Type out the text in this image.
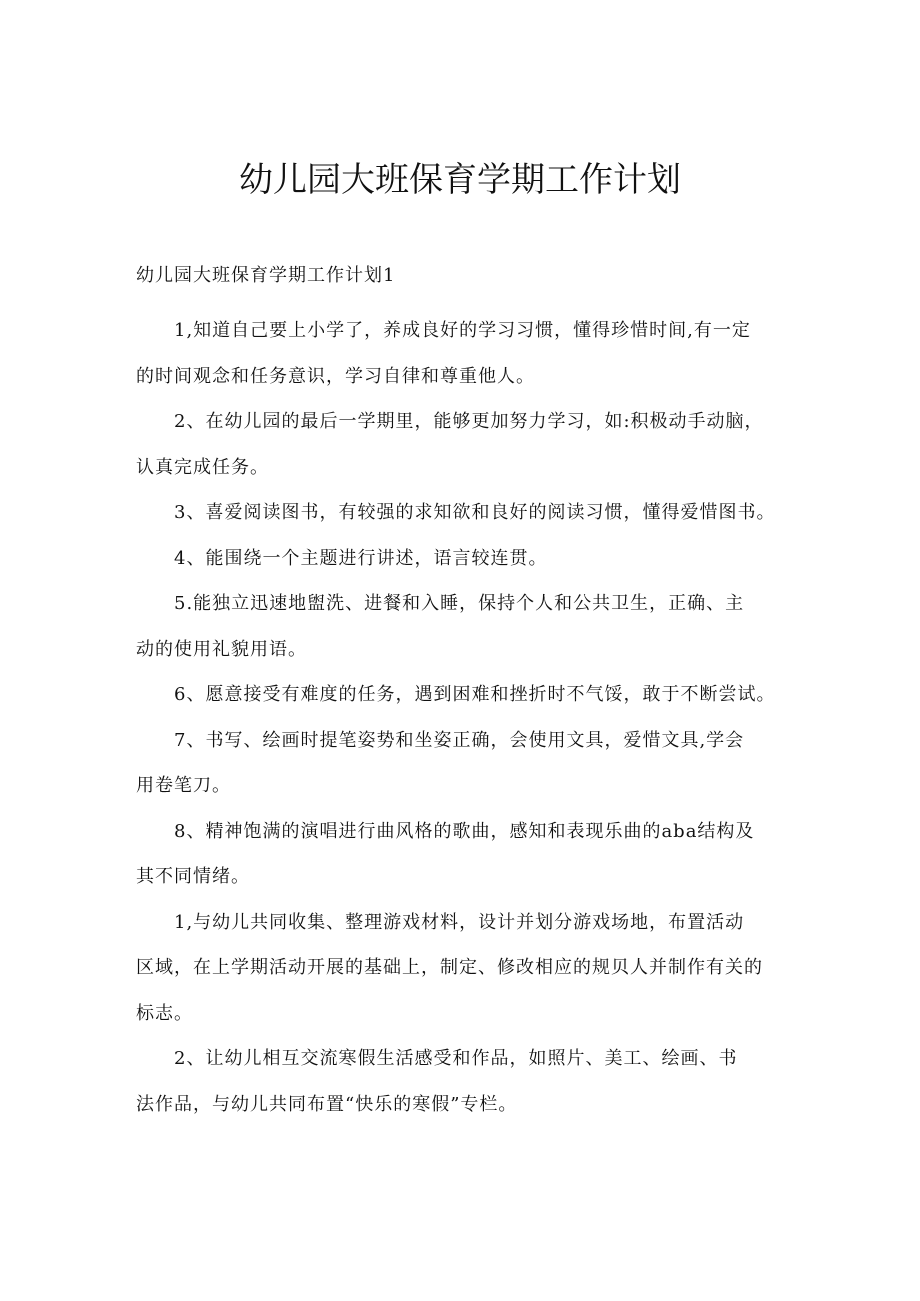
幼儿园大班保育学期工作计划

幼儿园大班保育学期工作计划1

1,知道自己要上小学了，养成良好的学习习惯，懂得珍惜时间,有一定
的时间观念和任务意识，学习自律和尊重他人。

2、在幼儿园的最后一学期里，能够更加努力学习，如:积极动手动脑，
认真完成任务。

3、喜爱阅读图书，有较强的求知欲和良好的阅读习惯，懂得爱惜图书。

4、能围绕一个主题进行讲述，语言较连贯。

5.能独立迅速地盥洗、进餐和入睡，保持个人和公共卫生，正确、主
动的使用礼貌用语。

6、愿意接受有难度的任务，遇到困难和挫折时不气馁，敢于不断尝试。

7、书写、绘画时提笔姿势和坐姿正确，会使用文具，爱惜文具,学会
用卷笔刀。

8、精神饱满的演唱进行曲风格的歌曲，感知和表现乐曲的aba结构及
其不同情绪。

1,与幼儿共同收集、整理游戏材料，设计并划分游戏场地，布置活动
区域，在上学期活动开展的基础上，制定、修改相应的规贝人并制作有关的
标志。

2、让幼儿相互交流寒假生活感受和作品，如照片、美工、绘画、书
法作品，与幼儿共同布置“快乐的寒假”专栏。
